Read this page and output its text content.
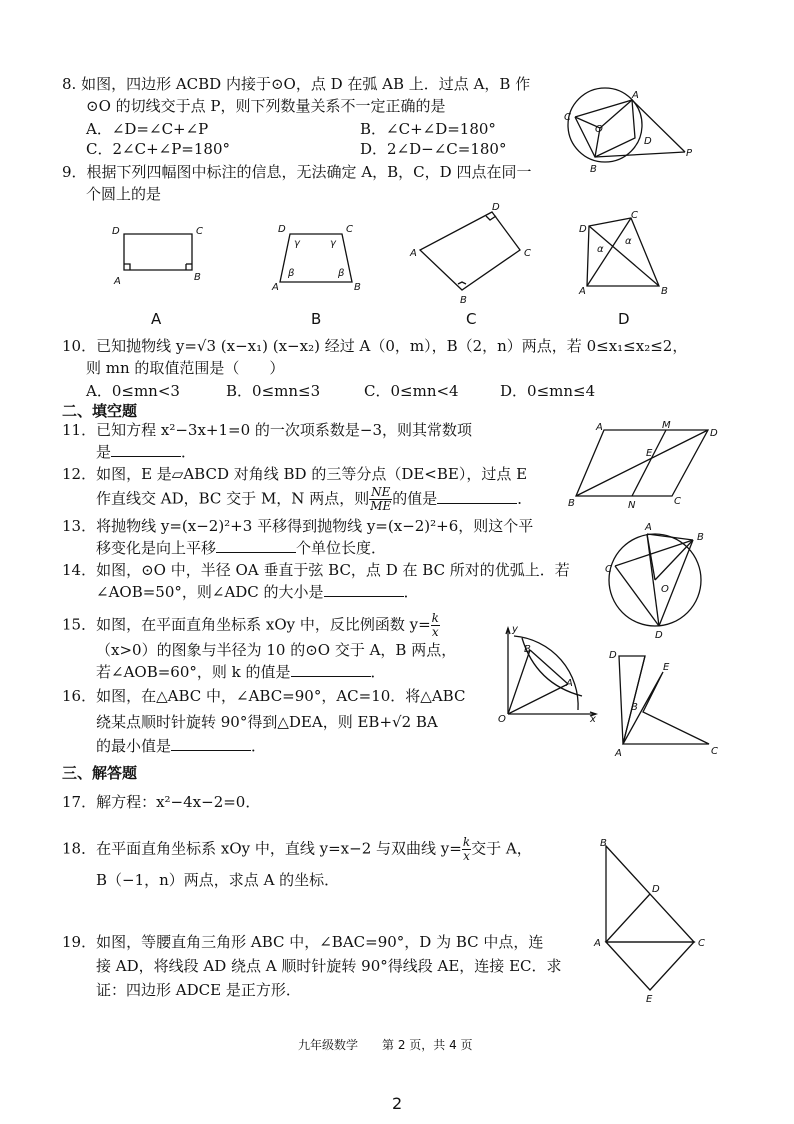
8. 如图，四边形 ACBD 内接于⊙O，点 D 在弧 AB 上．过点 A，B 作
⊙O 的切线交于点 P，则下列数量关系不一定正确的是
A．∠D=∠C+∠P	B．∠C+∠D=180°
C．2∠C+∠P=180°	D．2∠D−∠C=180°
C
O
A
D
P
B
9．根据下列四幅图中标注的信息，无法确定 A，B，C，D 四点在同一
个圆上的是
D	C
A	B
D	C
A	B
γ	γ
β	β
D
C
A
B
D
C
A	B
α
α
A	B	C	D
10．已知抛物线 y=√3 (x−x₁) (x−x₂) 经过 A（0，m），B（2，n）两点，若 0≤x₁≤x₂≤2，
则 mn 的取值范围是（　　）
A．0≤mn<3	B．0≤mn≤3	C．0≤mn<4	D．0≤mn≤4
二、填空题
11．已知方程 x²−3x+1=0 的一次项系数是−3，则其常数项
是	．
12．如图，E 是▱ABCD 对角线 BD 的三等分点（DE<BE），过点 E
作直线交 AD，BC 交于 M，N 两点，则 $\frac{NE}{ME}$ 的值是	．
A	M
D
E
B	N	C
13．将抛物线 y=(x−2)²+3 平移得到抛物线 y=(x−2)²+6，则这个平
移变化是向上平移	个单位长度．
14．如图，⊙O 中，半径 OA 垂直于弦 BC，点 D 在 BC 所对的优弧上．若
∠AOB=50°，则∠ADC 的大小是	．
A
B
C
O
D
15．如图，在平面直角坐标系 xOy 中，反比例函数 $y= \frac{k}{x}$
（x>0）的图象与半径为 10 的⊙O 交于 A，B 两点，
若∠AOB=60°，则 k 的值是	．
y
B
A
O	x
16．如图，在△ABC 中，∠ABC=90°，AC=10．将△ABC
绕某点顺时针旋转 90°得到△DEA，则 EB+√2 BA
的最小值是	．
D
E
B
A	C
三、解答题
17．解方程：x²−4x−2=0．
18．在平面直角坐标系 xOy 中，直线 y=x−2 与双曲线 $y= \frac{k}{x}$ 交于 A，
B（−1，n）两点，求点 A 的坐标．
19．如图，等腰直角三角形 ABC 中，∠BAC=90°，D 为 BC 中点，连
接 AD，将线段 AD 绕点 A 顺时针旋转 90°得线段 AE，连接 EC．求
证：四边形 ADCE 是正方形．
B
D
A	C
E
九年级数学　　第 2 页，共 4 页
2
